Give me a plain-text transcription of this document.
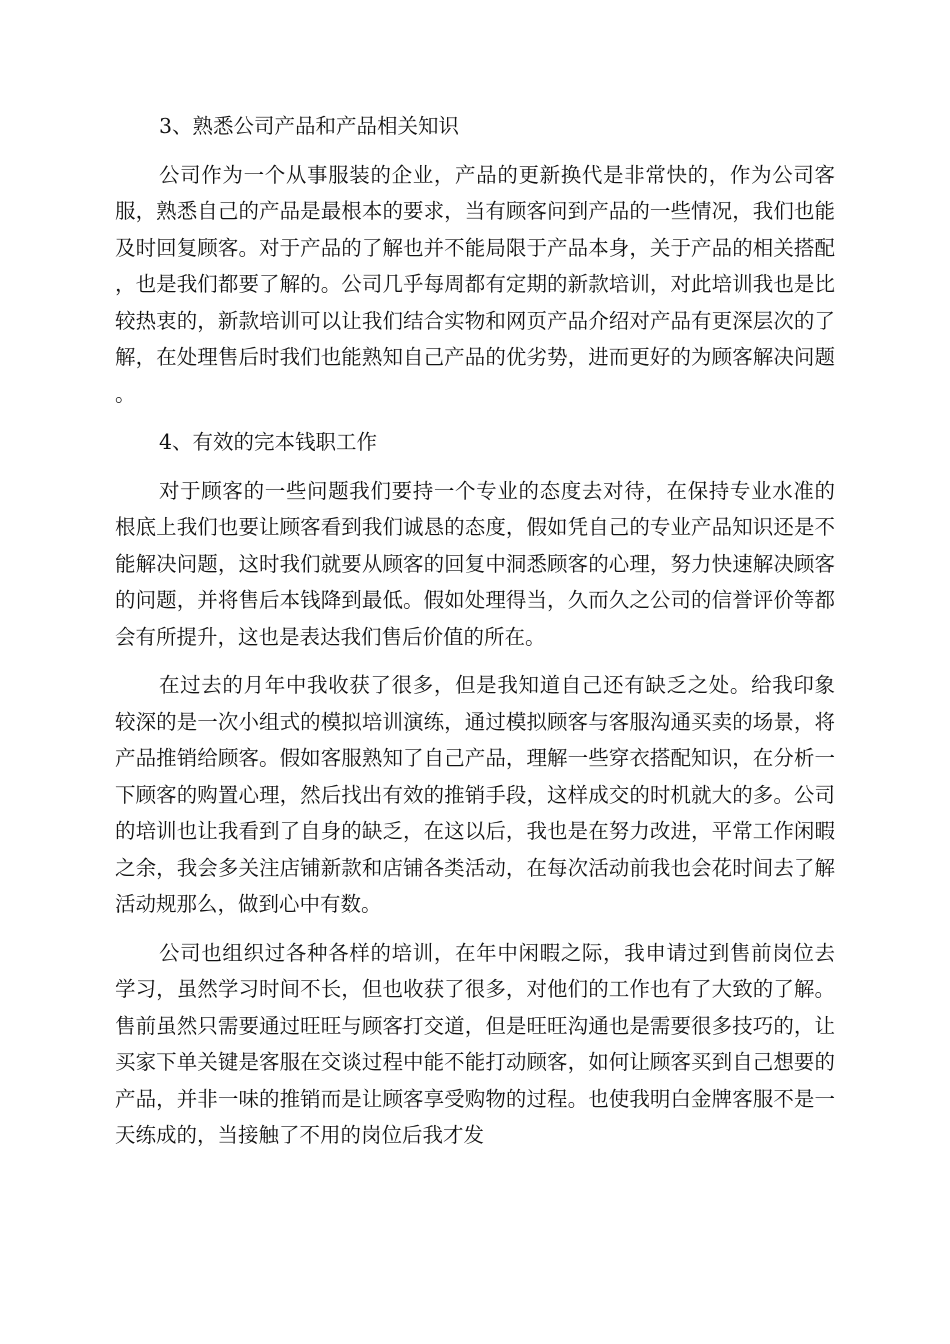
3、熟悉公司产品和产品相关知识

公司作为一个从事服装的企业，产品的更新换代是非常快的，作为公司客服，熟悉自己的产品是最根本的要求，当有顾客问到产品的一些情况，我们也能及时回复顾客。对于产品的了解也并不能局限于产品本身，关于产品的相关搭配，也是我们都要了解的。公司几乎每周都有定期的新款培训，对此培训我也是比较热衷的，新款培训可以让我们结合实物和网页产品介绍对产品有更深层次的了解，在处理售后时我们也能熟知自己产品的优劣势，进而更好的为顾客解决问题。

4、有效的完本钱职工作

对于顾客的一些问题我们要持一个专业的态度去对待，在保持专业水准的根底上我们也要让顾客看到我们诚恳的态度，假如凭自己的专业产品知识还是不能解决问题，这时我们就要从顾客的回复中洞悉顾客的心理，努力快速解决顾客的问题，并将售后本钱降到最低。假如处理得当，久而久之公司的信誉评价等都会有所提升，这也是表达我们售后价值的所在。

在过去的月年中我收获了很多，但是我知道自己还有缺乏之处。给我印象较深的是一次小组式的模拟培训演练，通过模拟顾客与客服沟通买卖的场景，将产品推销给顾客。假如客服熟知了自己产品，理解一些穿衣搭配知识，在分析一下顾客的购置心理，然后找出有效的推销手段，这样成交的时机就大的多。公司的培训也让我看到了自身的缺乏，在这以后，我也是在努力改进，平常工作闲暇之余，我会多关注店铺新款和店铺各类活动，在每次活动前我也会花时间去了解活动规那么，做到心中有数。

公司也组织过各种各样的培训，在年中闲暇之际，我申请过到售前岗位去学习，虽然学习时间不长，但也收获了很多，对他们的工作也有了大致的了解。售前虽然只需要通过旺旺与顾客打交道，但是旺旺沟通也是需要很多技巧的，让买家下单关键是客服在交谈过程中能不能打动顾客，如何让顾客买到自己想要的产品，并非一味的推销而是让顾客享受购物的过程。也使我明白金牌客服不是一天练成的，当接触了不用的岗位后我才发
